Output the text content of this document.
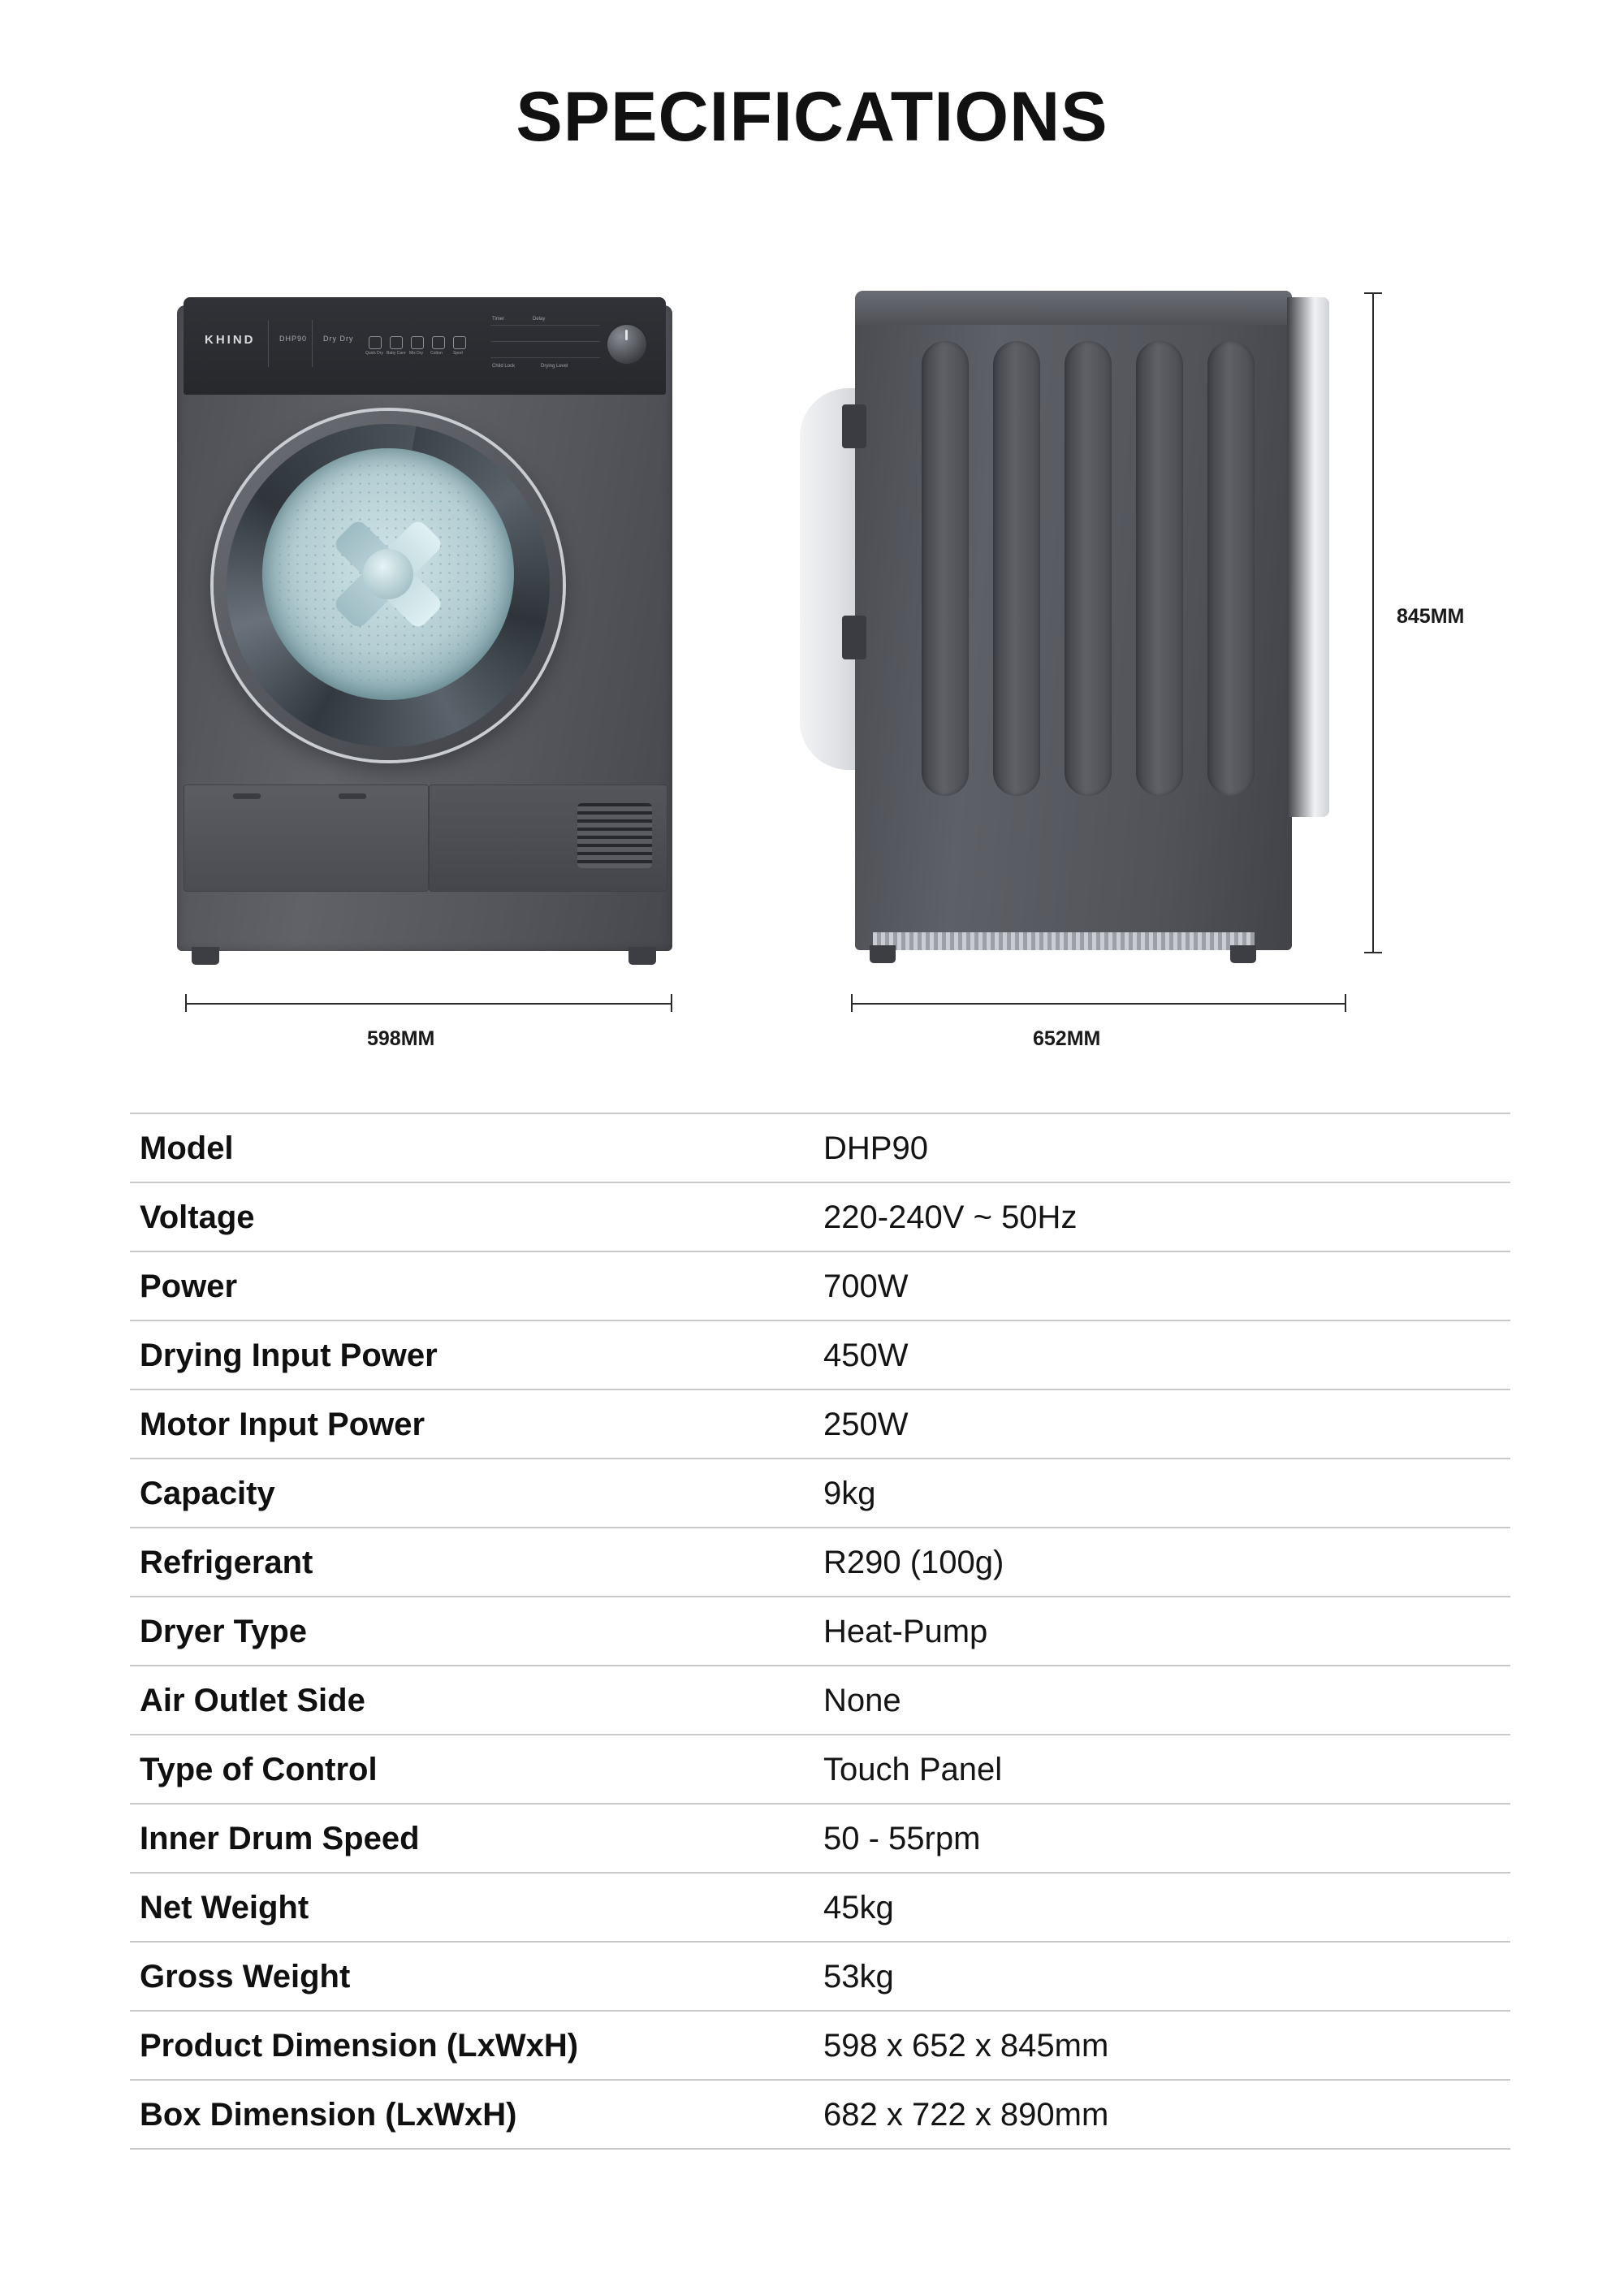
SPECIFICATIONS
KHIND	DHP90 Dry Dry
Quick Dry Baby Care Mix Dry Cotton	Sport
Timer	Delay
Child Lock	Drying Level
598MM	652MM
845MM
Model	DHP90
Voltage	220-240V ~ 50Hz
Power	700W
Drying Input Power	450W
Motor Input Power	250W
Capacity	9kg
Refrigerant	R290 (100g)
Dryer Type	Heat-Pump
Air Outlet Side	None
Type of Control	Touch Panel
Inner Drum Speed	50 - 55rpm
Net Weight	45kg
Gross Weight	53kg
Product Dimension (LxWxH)	598 x 652 x 845mm
Box Dimension (LxWxH)	682 x 722 x 890mm
